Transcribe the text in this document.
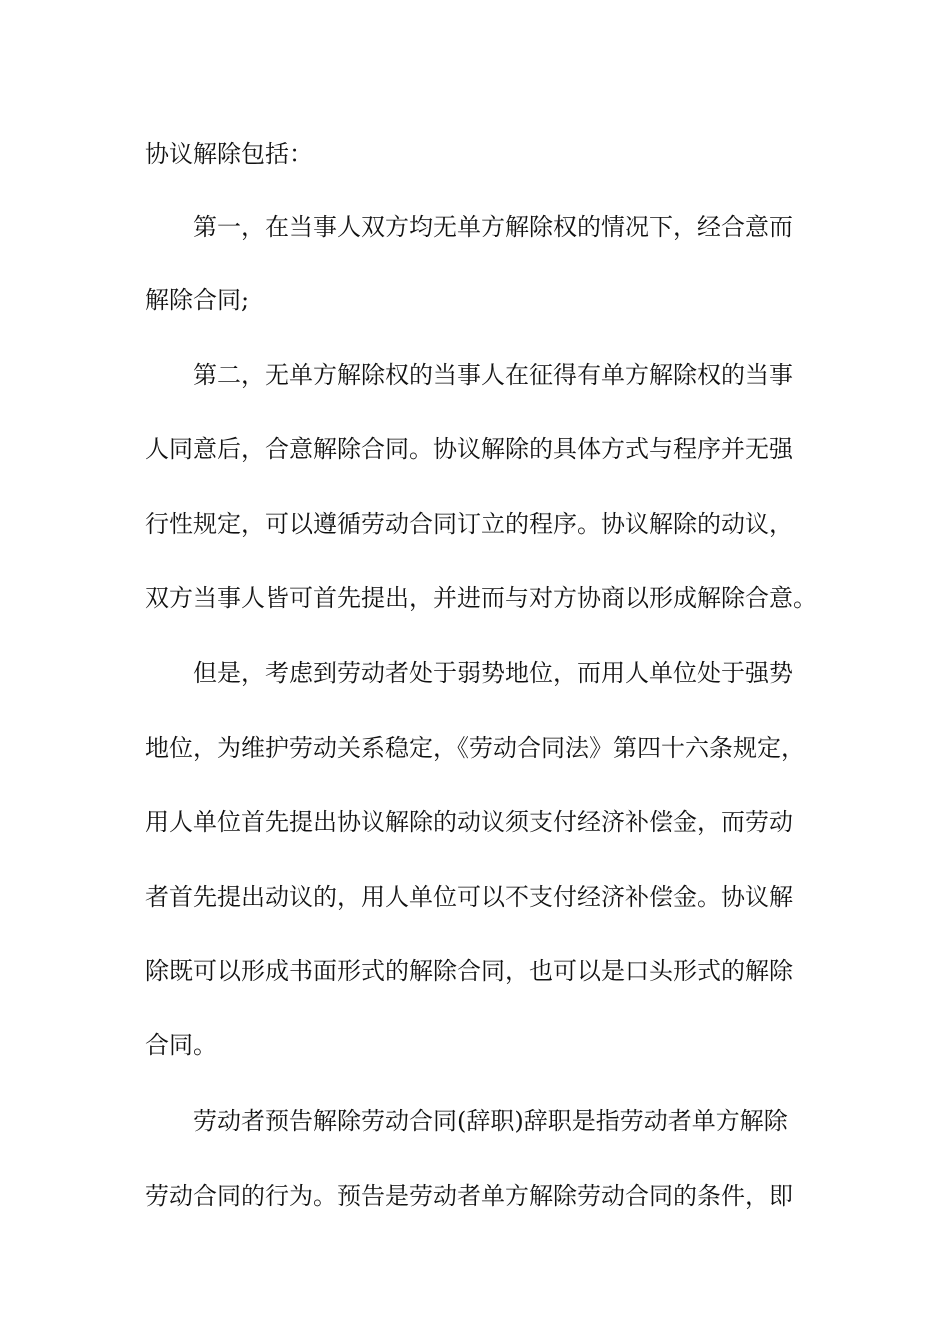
协议解除包括：
第一，在当事人双方均无单方解除权的情况下，经合意而
解除合同;
第二，无单方解除权的当事人在征得有单方解除权的当事
人同意后，合意解除合同。协议解除的具体方式与程序并无强
行性规定，可以遵循劳动合同订立的程序。协议解除的动议，
双方当事人皆可首先提出，并进而与对方协商以形成解除合意。
但是，考虑到劳动者处于弱势地位，而用人单位处于强势
地位，为维护劳动关系稳定，《劳动合同法》第四十六条规定，
用人单位首先提出协议解除的动议须支付经济补偿金，而劳动
者首先提出动议的，用人单位可以不支付经济补偿金。协议解
除既可以形成书面形式的解除合同，也可以是口头形式的解除
合同。
劳动者预告解除劳动合同(辞职)辞职是指劳动者单方解除
劳动合同的行为。预告是劳动者单方解除劳动合同的条件，即
